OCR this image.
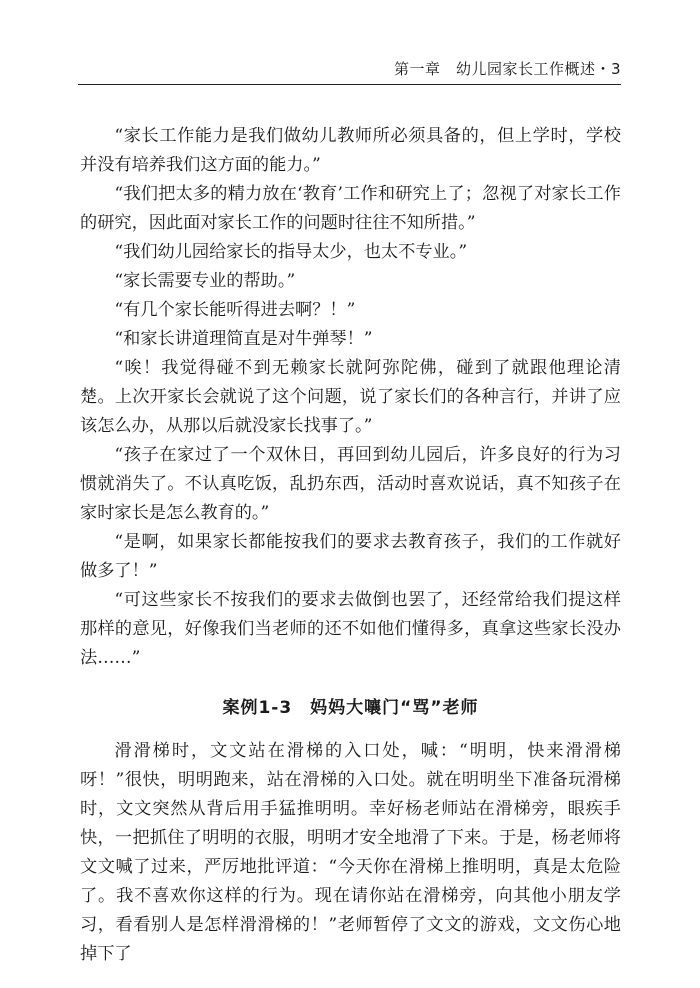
第一章　幼儿园家长工作概述・3

“家长工作能力是我们做幼儿教师所必须具备的，但上学时，学校并没有培养我们这方面的能力。”

“我们把太多的精力放在‘教育’工作和研究上了；忽视了对家长工作的研究，因此面对家长工作的问题时往往不知所措。”

“我们幼儿园给家长的指导太少，也太不专业。”

“家长需要专业的帮助。”

“有几个家长能听得进去啊？！”

“和家长讲道理简直是对牛弹琴！”

“唉！我觉得碰不到无赖家长就阿弥陀佛，碰到了就跟他理论清楚。上次开家长会就说了这个问题，说了家长们的各种言行，并讲了应该怎么办，从那以后就没家长找事了。”

“孩子在家过了一个双休日，再回到幼儿园后，许多良好的行为习惯就消失了。不认真吃饭，乱扔东西，活动时喜欢说话，真不知孩子在家时家长是怎么教育的。”

“是啊，如果家长都能按我们的要求去教育孩子，我们的工作就好做多了！”

“可这些家长不按我们的要求去做倒也罢了，还经常给我们提这样那样的意见，好像我们当老师的还不如他们懂得多，真拿这些家长没办法……”

案例1-3　妈妈大嚷门“骂”老师

滑滑梯时，文文站在滑梯的入口处，喊：“明明，快来滑滑梯呀！”很快，明明跑来，站在滑梯的入口处。就在明明坐下准备玩滑梯时，文文突然从背后用手猛推明明。幸好杨老师站在滑梯旁，眼疾手快，一把抓住了明明的衣服，明明才安全地滑了下来。于是，杨老师将文文喊了过来，严厉地批评道：“今天你在滑梯上推明明，真是太危险了。我不喜欢你这样的行为。现在请你站在滑梯旁，向其他小朋友学习，看看别人是怎样滑滑梯的！”老师暂停了文文的游戏，文文伤心地掉下了
